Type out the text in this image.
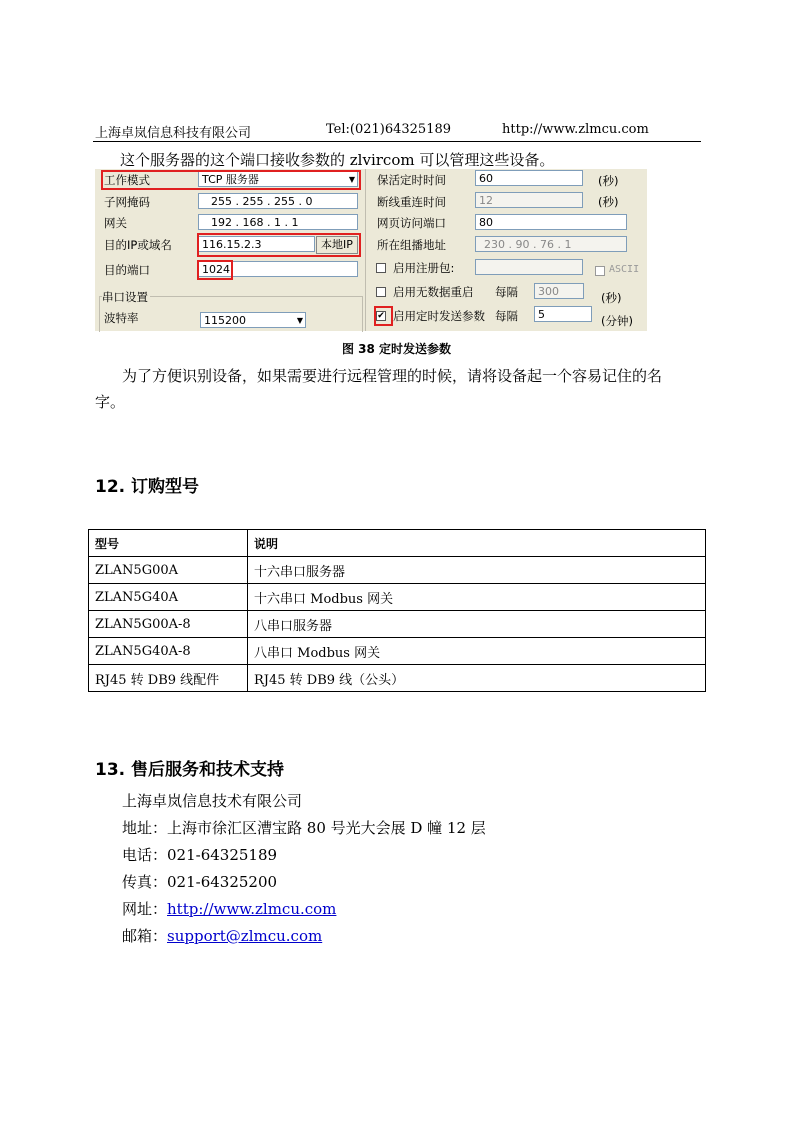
上海卓岚信息科技有限公司	Tel:(021)64325189	http://www.zlmcu.com
这个服务器的这个端口接收参数的 zlvircom 可以管理这些设备。
工作模式	TCP 服务器	▼
子网掩码	255 . 255 . 255 . 0
网关	192 . 168 . 1 . 1
目的IP或域名	116.15.2.3	本地IP
目的端口	1024
串口设置
波特率	115200	▼
保活定时时间	60	(秒)
断线重连时间	12	(秒)
网页访问端口	80
所在组播地址	230 . 90 . 76 . 1
启用注册包:	ASCII
启用无数据重启 每隔	300	(秒)
✔ 启用定时发送参数 每隔	5	(分钟)
图 38 定时发送参数
为了方便识别设备，如果需要进行远程管理的时候，请将设备起一个容易记住的名
字。
12. 订购型号
型号	说明
ZLAN5G00A	十六串口服务器
ZLAN5G40A	十六串口 Modbus 网关
ZLAN5G00A-8	八串口服务器
ZLAN5G40A-8	八串口 Modbus 网关
RJ45 转 DB9 线配件	RJ45 转 DB9 线（公头）
13. 售后服务和技术支持
上海卓岚信息技术有限公司
地址：上海市徐汇区漕宝路 80 号光大会展 D 幢 12 层
电话：021-64325189
传真：021-64325200
网址：http://www.zlmcu.com
邮箱：support@zlmcu.com
